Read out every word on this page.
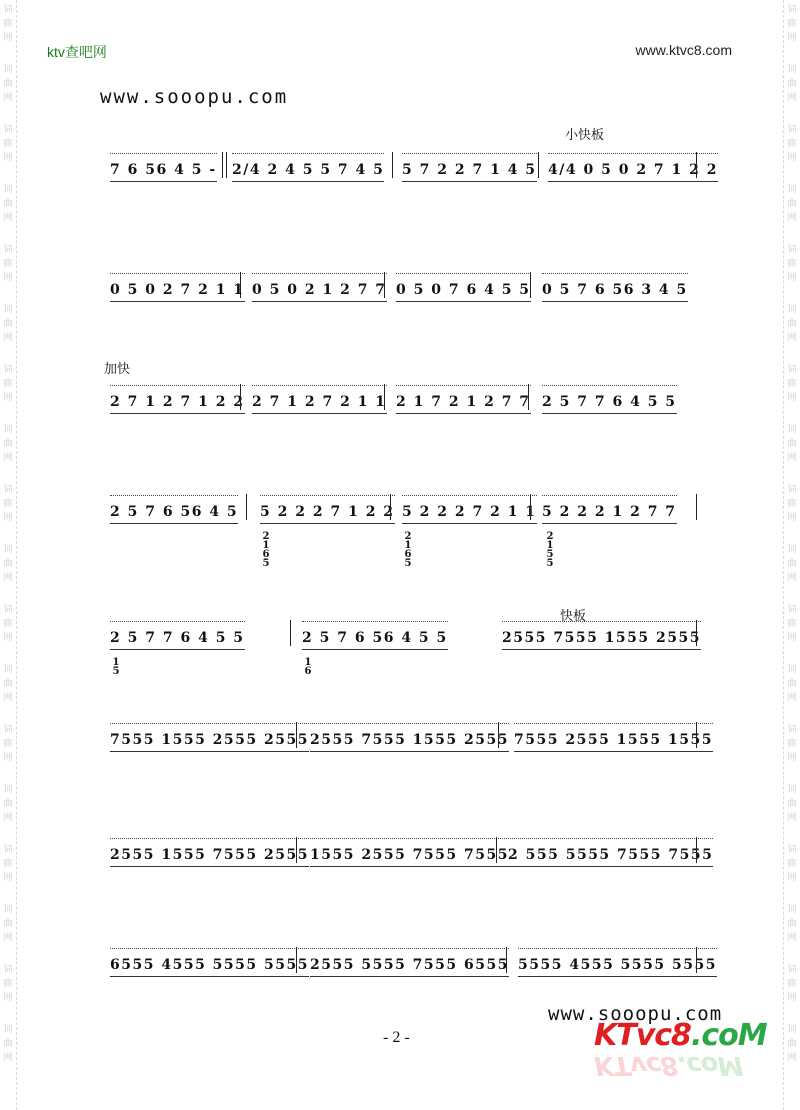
词	词
曲	曲
网	网
词	词
曲	曲
网	网
词	词
曲	曲
网	网
词	词
曲	曲
网	网
词	词
曲	曲
网	网
词	词
曲	曲
网	网
词	词
曲	曲
网	网
词	词
曲	曲
网	网
词	词
曲	曲
网	网
词	词
曲	曲
网	网
词	词
曲	曲
网	网
词	词
曲	曲
网	网
词	词
曲	曲
网	网
词	词
曲	曲
网	网
词	词
曲	曲
网	网
词	词
曲	曲
网	网
词	词
曲	曲
网	网
词	词
曲	曲
网	网
ktv查吧网	www.ktvc8.com
www.sooopu.com
小快板
加快
快板
7 6 56 4 5 - 2/4 2 4 5 5 7 4 5 5 7 2 2 7 1 4 5 4/4 0 5 0 2 7 1 2 2
0 5 0 2 7 2 1 1 0 5 0 2 1 2 7 7 0 5 0 7 6 4 5 5 0 5 7 6 56 3 4 5
2 7 1 2 7 1 2 2 2 7 1 2 7 2 1 1 2 1 7 2 1 2 7 7 2 5 7 7 6 4 5 5
2 5 7 6 56 4 5 5 2 2 2 7 1 2 2
2
1
6
5
5 2 2 2 7 2 1 1
2
1
6
5
5 2 2 2 1 2 7 7
2
1
5
5
2 5 7 7 6 4 5 5
1
5
2 5 7 6 56 4 5 5
1
6
2555 7555 1555 2555
7555 1555 2555 2555 2555 7555 1555 2555 7555 2555 1555 1555
2555 1555 7555 2555 1555 2555 7555 7555 2 555 5555 7555 7555
6555 4555 5555 5555 2555 5555 7555 6555 5555 4555 5555 5555
www.sooopu.com
KTvc8.coM
KTvc8.coM
- 2 -
